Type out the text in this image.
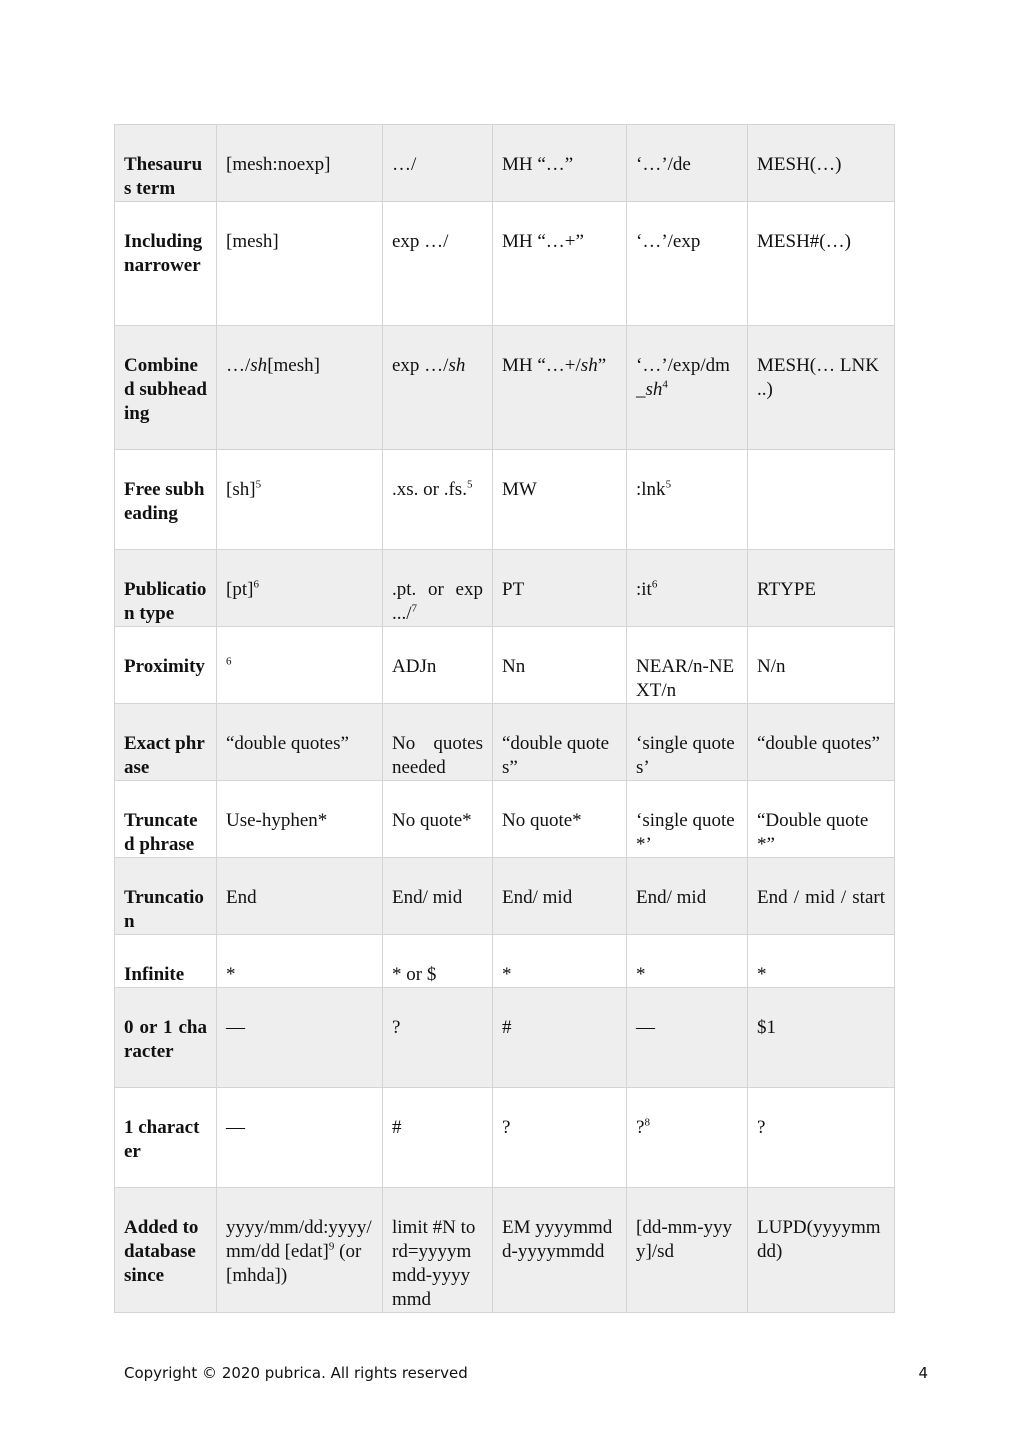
Thesaurus term	[mesh:noexp]	…/	MH “…”	‘…’/de	MESH(…)
Including narrower	[mesh]	exp …/	MH “…+”	‘…’/exp	MESH#(…)
Combined subheading	…/sh[mesh]	exp …/sh	MH “…+/sh”	‘$\dots’/\exp/dm\_sh^4$	MESH(… LNK ..)
Free subheading	[sh]$^5$	.xs. or .fs.$^5$	MW	:lnk$^5$	
Publication type	[pt]$^6$	.pt. or exp .../$^7$	PT	$:it^6$	RTYPE
Proximity	$^6$	ADJn	Nn	NEAR/n-NEXT/n	N/n
Exact phrase	“double quotes”	No quotes needed	“double quotes”	‘single quotes’	“double quotes”
Truncated phrase	Use-hyphen*	No quote*	No quote*	‘single quote*’	“Double quote*”
Truncation	End	End/ mid	End/ mid	End/ mid	End / mid / start
Infinite	*	* or $	*	*	*
0 or 1 character	—	?	#	—	$1
1 character	—	#	?	?$^8$	?
Added to database since	yyyy/mm/dd:yyyy/mm/dd [edat]$^9$ (or [mhda])	limit #N to rd=yyyymmdd-yyyymmd	EM yyyymmdd-yyyymmdd	[dd-mm-yyyy]/sd	LUPD(yyyymmdd)
Copyright © 2020 pubrica. All rights reserved	4
